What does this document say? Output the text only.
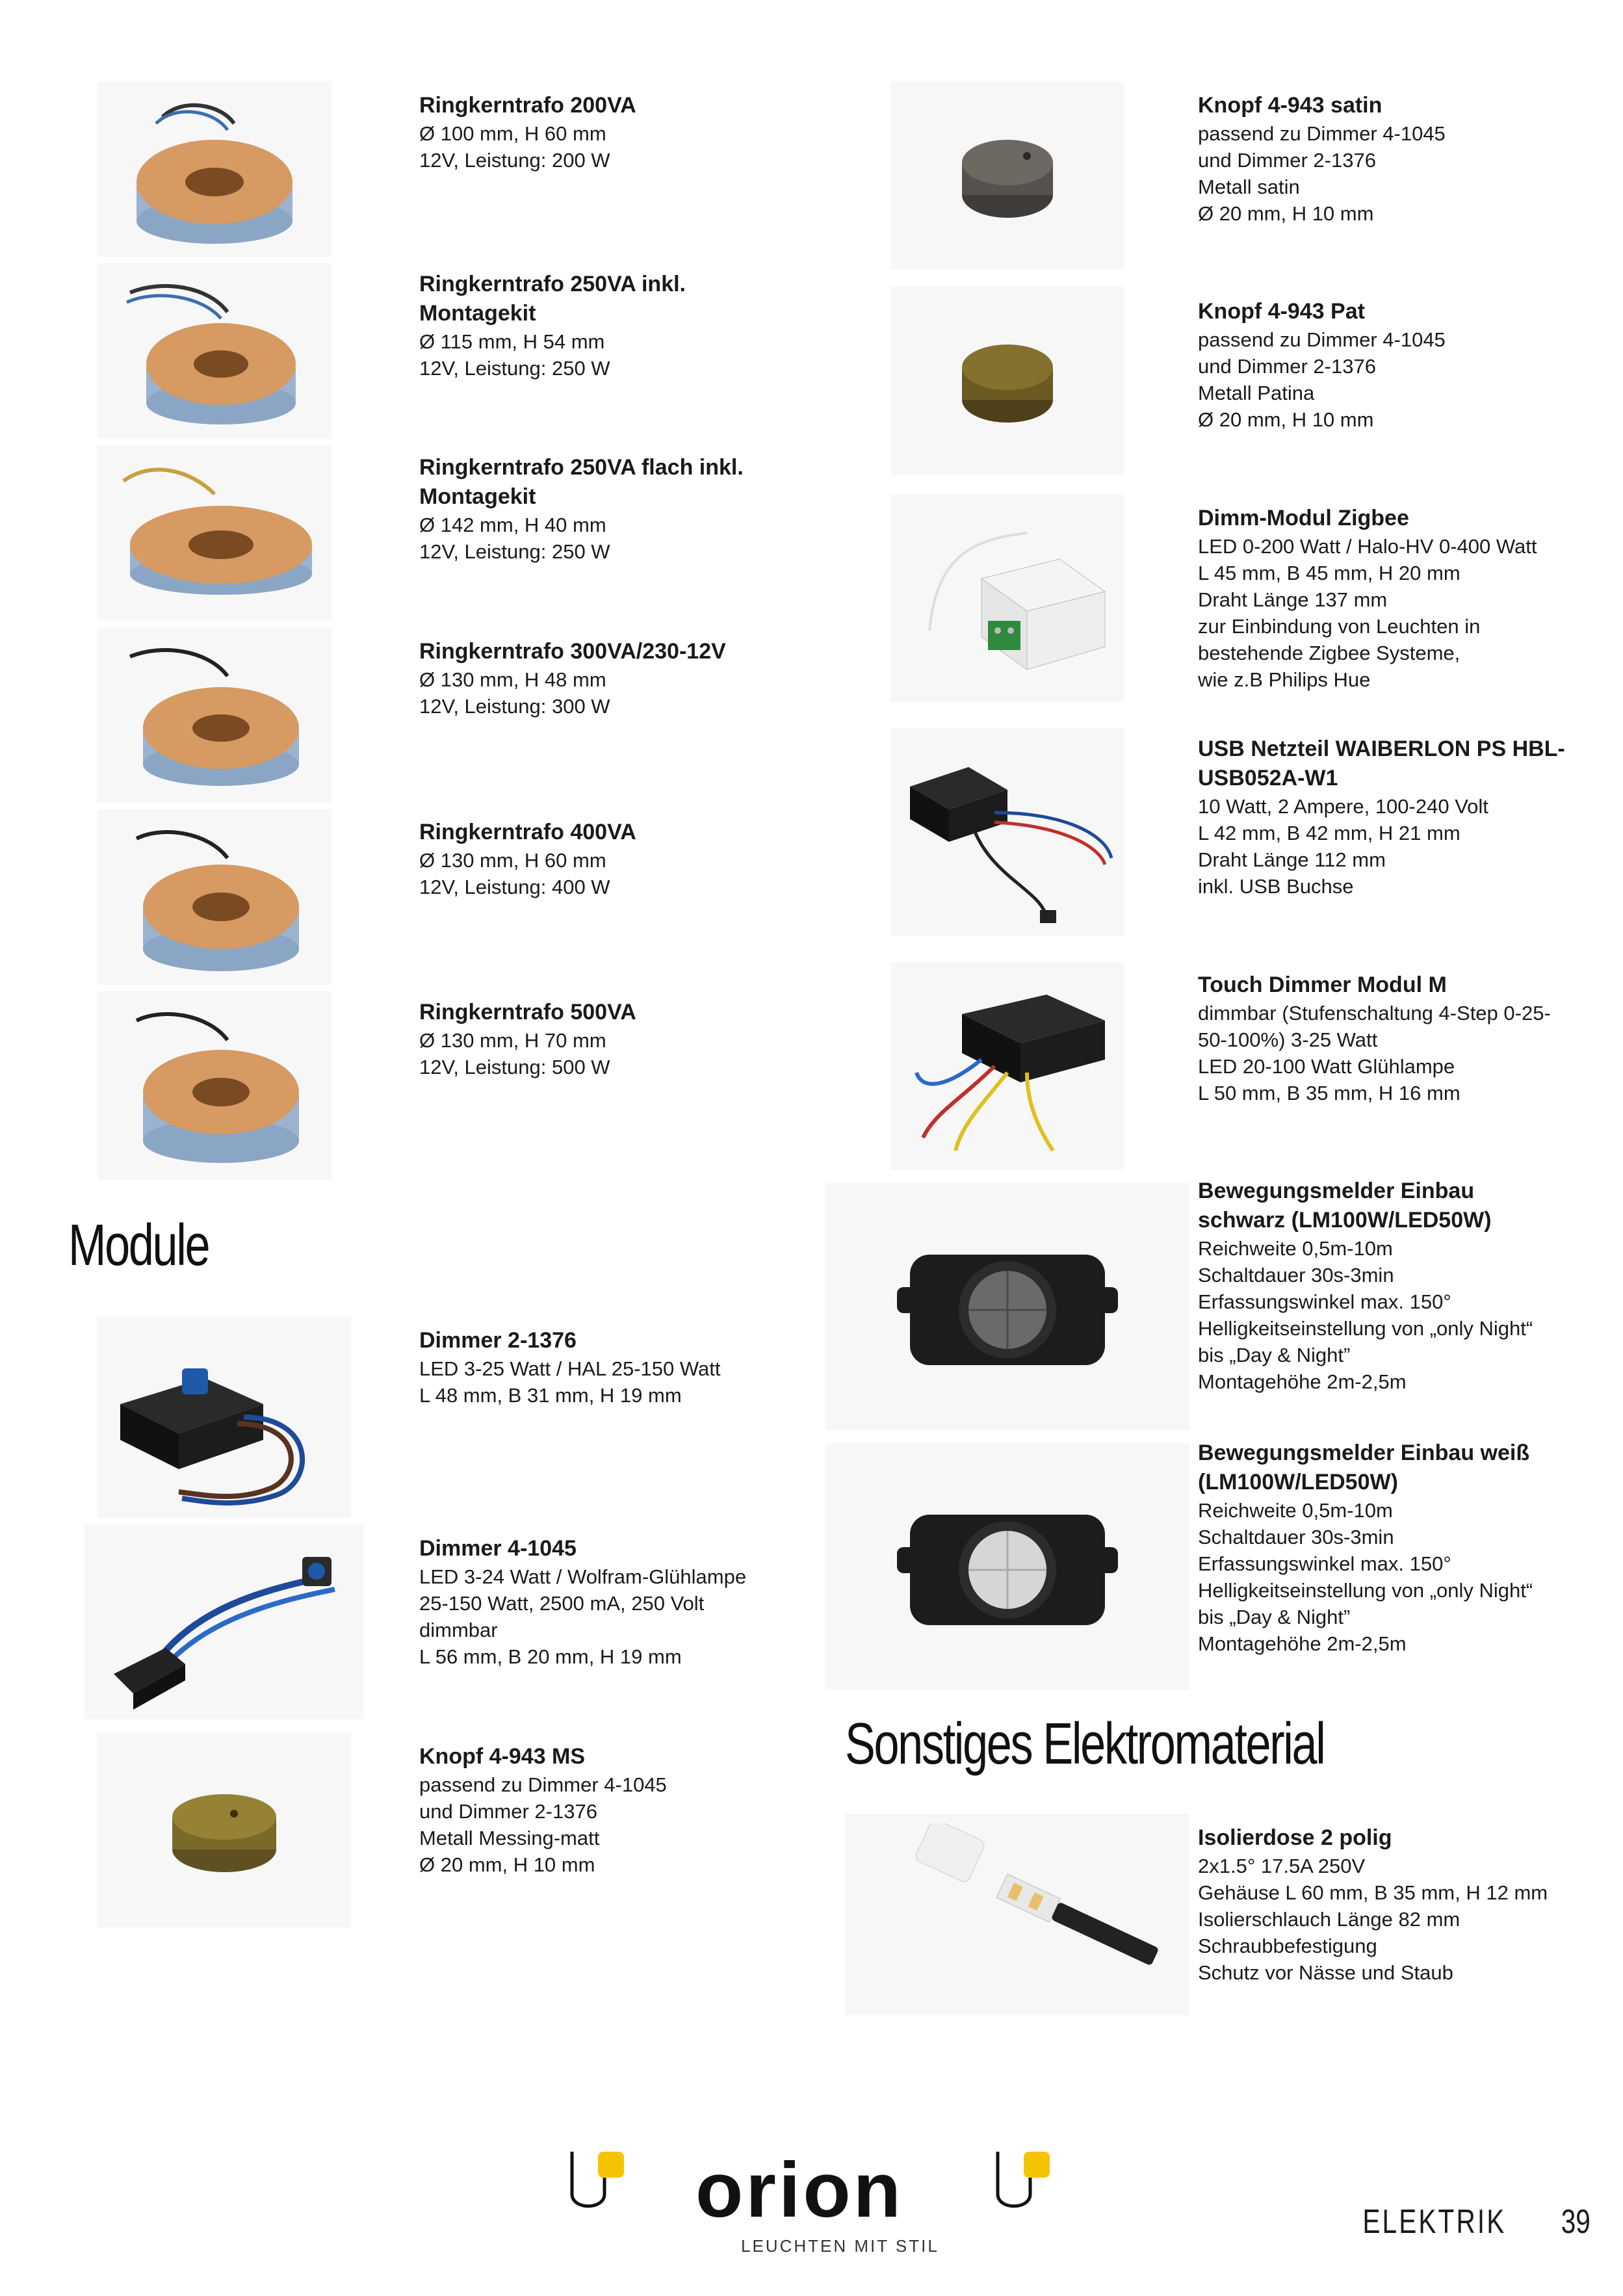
Ringkerntrafo 200VA
Ø 100 mm, H 60 mm
12V, Leistung: 200 W
Ringkerntrafo 250VA inkl.
Montagekit
Ø 115 mm, H 54 mm
12V, Leistung: 250 W
Ringkerntrafo 250VA flach inkl.
Montagekit
Ø 142 mm, H 40 mm
12V, Leistung: 250 W
Ringkerntrafo 300VA/230-12V
Ø 130 mm, H 48 mm
12V, Leistung: 300 W
Ringkerntrafo 400VA
Ø 130 mm, H 60 mm
12V, Leistung: 400 W
Ringkerntrafo 500VA
Ø 130 mm, H 70 mm
12V, Leistung: 500 W
Module
Dimmer 2-1376
LED 3-25 Watt / HAL 25-150 Watt
L 48 mm, B 31 mm, H 19 mm
Dimmer 4-1045
LED 3-24 Watt / Wolfram-Glühlampe
25-150 Watt, 2500 mA, 250 Volt
dimmbar
L 56 mm, B 20 mm, H 19 mm
Knopf 4-943 MS
passend zu Dimmer 4-1045
und Dimmer 2-1376
Metall Messing-matt
Ø 20 mm, H 10 mm
Knopf 4-943 satin
passend zu Dimmer 4-1045
und Dimmer 2-1376
Metall satin
Ø 20 mm, H 10 mm
Knopf 4-943 Pat
passend zu Dimmer 4-1045
und Dimmer 2-1376
Metall Patina
Ø 20 mm, H 10 mm
Dimm-Modul Zigbee
LED 0-200 Watt / Halo-HV 0-400 Watt
L 45 mm, B 45 mm, H 20 mm
Draht Länge 137 mm
zur Einbindung von Leuchten in
bestehende Zigbee Systeme,
wie z.B Philips Hue
USB Netzteil WAIBERLON PS HBL-
USB052A-W1
10 Watt, 2 Ampere, 100-240 Volt
L 42 mm, B 42 mm, H 21 mm
Draht Länge 112 mm
inkl. USB Buchse
Touch Dimmer Modul M
dimmbar (Stufenschaltung 4-Step 0-25-
50-100%) 3-25 Watt
LED 20-100 Watt Glühlampe
L 50 mm, B 35 mm, H 16 mm
Bewegungsmelder Einbau
schwarz (LM100W/LED50W)
Reichweite 0,5m-10m
Schaltdauer 30s-3min
Erfassungswinkel max. 150°
Helligkeitseinstellung von „only Night“
bis „Day & Night”
Montagehöhe 2m-2,5m
Bewegungsmelder Einbau weiß
(LM100W/LED50W)
Reichweite 0,5m-10m
Schaltdauer 30s-3min
Erfassungswinkel max. 150°
Helligkeitseinstellung von „only Night“
bis „Day & Night”
Montagehöhe 2m-2,5m
Sonstiges Elektromaterial
Isolierdose 2 polig
2x1.5° 17.5A 250V
Gehäuse L 60 mm, B 35 mm, H 12 mm
Isolierschlauch Länge 82 mm
Schraubbefestigung
Schutz vor Nässe und Staub
orion
LEUCHTEN MIT STIL
ELEKTRIK 39
